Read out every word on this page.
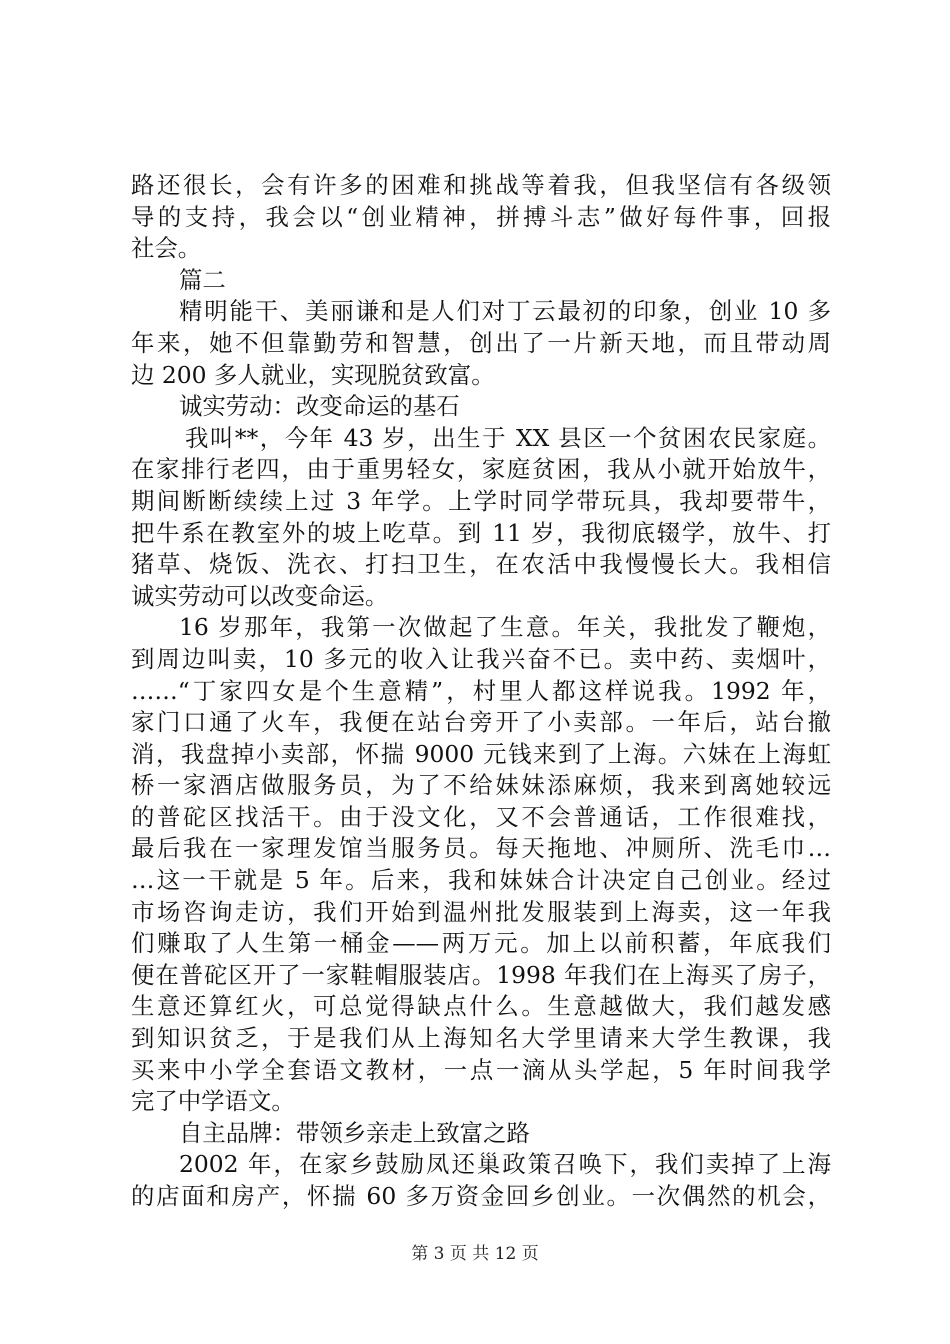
路还很长，会有许多的困难和挑战等着我，但我坚信有各级领
导的支持，我会以“创业精神，拼搏斗志”做好每件事，回报
社会。
篇二
精明能干、美丽谦和是人们对丁云最初的印象，创业 10 多
年来，她不但靠勤劳和智慧，创出了一片新天地，而且带动周
边 200 多人就业，实现脱贫致富。
诚实劳动：改变命运的基石
我叫**，今年 43 岁，出生于 XX 县区一个贫困农民家庭。
在家排行老四，由于重男轻女，家庭贫困，我从小就开始放牛，
期间断断续续上过 3 年学。上学时同学带玩具，我却要带牛，
把牛系在教室外的坡上吃草。到 11 岁，我彻底辍学，放牛、打
猪草、烧饭、洗衣、打扫卫生，在农活中我慢慢长大。我相信
诚实劳动可以改变命运。
16 岁那年，我第一次做起了生意。年关，我批发了鞭炮，
到周边叫卖，10 多元的收入让我兴奋不已。卖中药、卖烟叶，
……“丁家四女是个生意精”，村里人都这样说我。1992 年，
家门口通了火车，我便在站台旁开了小卖部。一年后，站台撤
消，我盘掉小卖部，怀揣 9000 元钱来到了上海。六妹在上海虹
桥一家酒店做服务员，为了不给妹妹添麻烦，我来到离她较远
的普砣区找活干。由于没文化，又不会普通话，工作很难找，
最后我在一家理发馆当服务员。每天拖地、冲厕所、洗毛巾…
…这一干就是 5 年。后来，我和妹妹合计决定自己创业。经过
市场咨询走访，我们开始到温州批发服装到上海卖，这一年我
们赚取了人生第一桶金——两万元。加上以前积蓄，年底我们
便在普砣区开了一家鞋帽服装店。1998 年我们在上海买了房子，
生意还算红火，可总觉得缺点什么。生意越做大，我们越发感
到知识贫乏，于是我们从上海知名大学里请来大学生教课，我
买来中小学全套语文教材，一点一滴从头学起，5 年时间我学
完了中学语文。
自主品牌：带领乡亲走上致富之路
2002 年，在家乡鼓励凤还巢政策召唤下，我们卖掉了上海
的店面和房产，怀揣 60 多万资金回乡创业。一次偶然的机会，
第 3 页 共 12 页
